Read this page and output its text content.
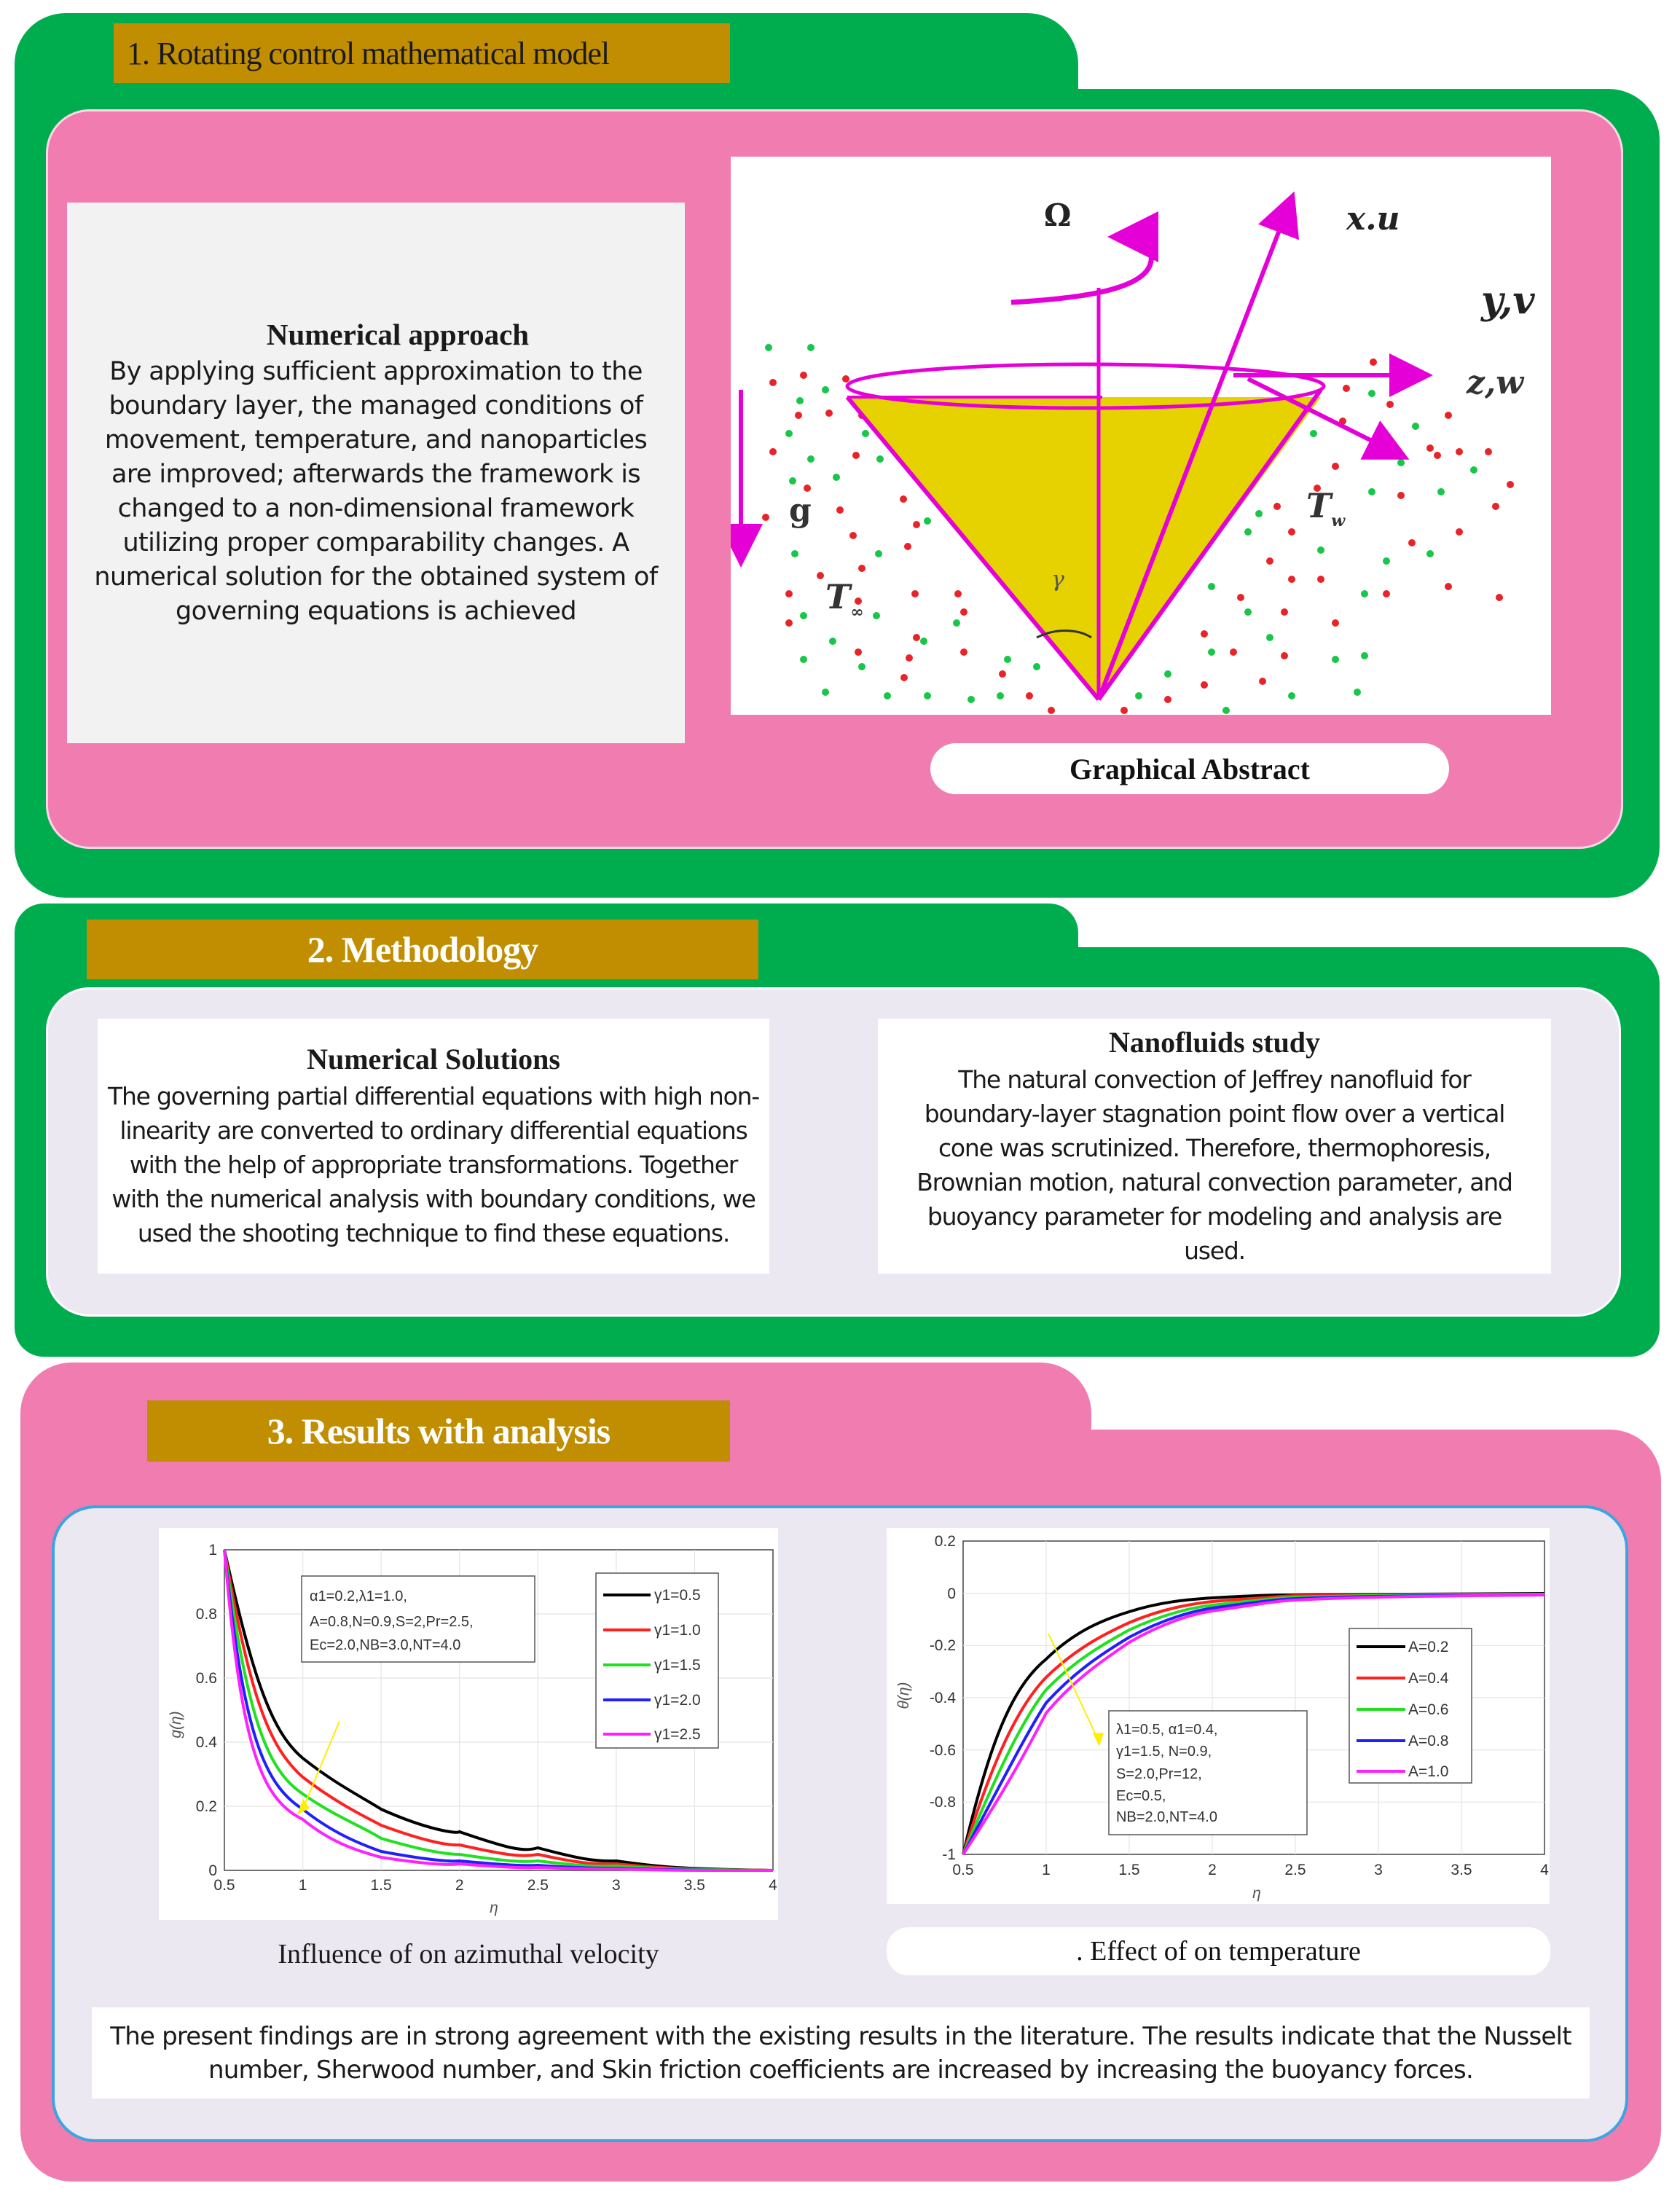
1. Rotating control mathematical model
Numerical approach
By applying sufficient approximation to the boundary layer, the managed conditions of movement, temperature, and nanoparticles are improved; afterwards the framework is changed to a non-dimensional framework utilizing proper comparability changes. A numerical solution for the obtained system of governing equations is achieved
Ω	x.u
y,v
z,w
g	$T_w$
$T_\infty$
γ
Graphical Abstract
2. Methodology
Numerical Solutions
The governing partial differential equations with high non-linearity are converted to ordinary differential equations with the help of appropriate transformations. Together with the numerical analysis with boundary conditions, we used the shooting technique to find these equations.
Nanofluids study
The natural convection of Jeffrey nanofluid for boundary-layer stagnation point flow over a vertical cone was scrutinized. Therefore, thermophoresis, Brownian motion, natural convection parameter, and buoyancy parameter for modeling and analysis are used.
3. Results with analysis
0.5	1	1.5	2	2.5	3	3.5	4
0
0.2
0.4
0.6
0.8
1
η
g(η)
α1=0.2,λ1=1.0,
A=0.8,N=0.9,S=2,Pr=2.5,
Ec=2.0,NB=3.0,NT=4.0
γ1=0.5
γ1=1.0
γ1=1.5
γ1=2.0
γ1=2.5
0.5	1	1.5	2	2.5	3	3.5	4
0.2
0
-0.2
-0.4
-0.6
-0.8
-1
η
θ(η)
λ1=0.5, α1=0.4,
γ1=1.5, N=0.9,
S=2.0,Pr=12,
Ec=0.5,
NB=2.0,NT=4.0
A=0.2
A=0.4
A=0.6
A=0.8
A=1.0
Influence of on azimuthal velocity	. Effect of on temperature
The present findings are in strong agreement with the existing results in the literature. The results indicate that the Nusselt number, Sherwood number, and Skin friction coefficients are increased by increasing the buoyancy forces.
